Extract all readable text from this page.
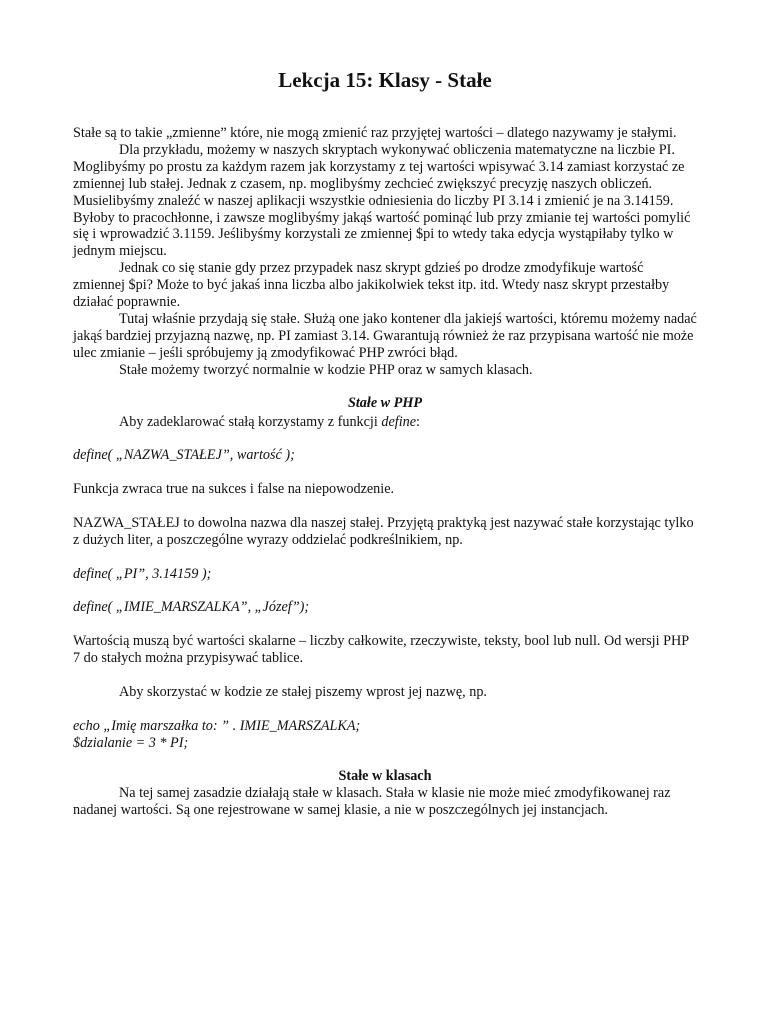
Lekcja 15: Klasy - Stałe

Stałe są to takie „zmienne” które, nie mogą zmienić raz przyjętej wartości – dlatego nazywamy je stałymi.

Dla przykładu, możemy w naszych skryptach wykonywać obliczenia matematyczne na liczbie PI. Moglibyśmy po prostu za każdym razem jak korzystamy z tej wartości wpisywać 3.14 zamiast korzystać ze zmiennej lub stałej. Jednak z czasem, np. moglibyśmy zechcieć zwiększyć precyzję naszych obliczeń. Musielibyśmy znaleźć w naszej aplikacji wszystkie odniesienia do liczby PI 3.14 i zmienić je na 3.14159. Byłoby to pracochłonne, i zawsze moglibyśmy jakąś wartość pominąć lub przy zmianie tej wartości pomylić się i wprowadzić 3.1159. Jeślibyśmy korzystali ze zmiennej $pi to wtedy taka edycja wystąpiłaby tylko w jednym miejscu.

Jednak co się stanie gdy przez przypadek nasz skrypt gdzieś po drodze zmodyfikuje wartość zmiennej $pi? Może to być jakaś inna liczba albo jakikolwiek tekst itp. itd. Wtedy nasz skrypt przestałby działać poprawnie.

Tutaj właśnie przydają się stałe. Służą one jako kontener dla jakiejś wartości, któremu możemy nadać jakąś bardziej przyjazną nazwę, np. PI zamiast 3.14. Gwarantują również że raz przypisana wartość nie może ulec zmianie – jeśli spróbujemy ją zmodyfikować PHP zwróci błąd.

Stałe możemy tworzyć normalnie w kodzie PHP oraz w samych klasach.

Stałe w PHP

Aby zadeklarować stałą korzystamy z funkcji define:

define( „NAZWA_STAŁEJ”, wartość );

Funkcja zwraca true na sukces i false na niepowodzenie.

NAZWA_STAŁEJ to dowolna nazwa dla naszej stałej. Przyjętą praktyką jest nazywać stałe korzystając tylko z dużych liter, a poszczególne wyrazy oddzielać podkreślnikiem, np.

define( „PI”, 3.14159 );

define( „IMIE_MARSZALKA”, „Józef”);

Wartością muszą być wartości skalarne – liczby całkowite, rzeczywiste, teksty, bool lub null. Od wersji PHP 7 do stałych można przypisywać tablice.

Aby skorzystać w kodzie ze stałej piszemy wprost jej nazwę, np.

echo „Imię marszałka to: ” . IMIE_MARSZALKA;

$dzialanie = 3 * PI;

Stałe w klasach

Na tej samej zasadzie działają stałe w klasach. Stała w klasie nie może mieć zmodyfikowanej raz nadanej wartości. Są one rejestrowane w samej klasie, a nie w poszczególnych jej instancjach.
